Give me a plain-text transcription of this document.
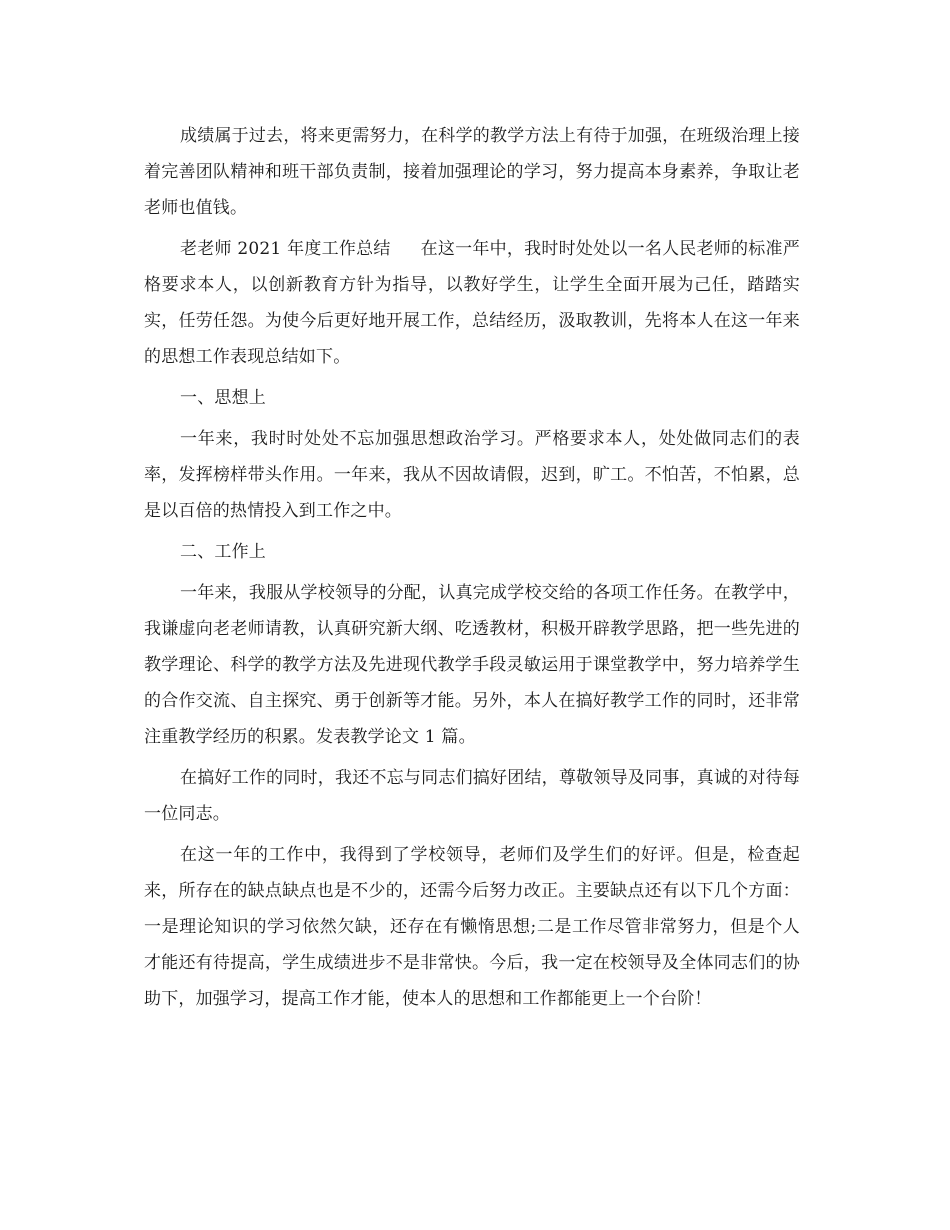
成绩属于过去，将来更需努力，在科学的教学方法上有待于加强，在班级治理上接着完善团队精神和班干部负责制，接着加强理论的学习，努力提高本身素养，争取让老老师也值钱。

老老师 2021 年度工作总结 在这一年中，我时时处处以一名人民老师的标准严格要求本人，以创新教育方针为指导，以教好学生，让学生全面开展为己任，踏踏实实，任劳任怨。为使今后更好地开展工作，总结经历，汲取教训，先将本人在这一年来的思想工作表现总结如下。

一、思想上

一年来，我时时处处不忘加强思想政治学习。严格要求本人，处处做同志们的表率，发挥榜样带头作用。一年来，我从不因故请假，迟到，旷工。不怕苦，不怕累，总是以百倍的热情投入到工作之中。

二、工作上

一年来，我服从学校领导的分配，认真完成学校交给的各项工作任务。在教学中，我谦虚向老老师请教，认真研究新大纲、吃透教材，积极开辟教学思路，把一些先进的教学理论、科学的教学方法及先进现代教学手段灵敏运用于课堂教学中，努力培养学生的合作交流、自主探究、勇于创新等才能。另外，本人在搞好教学工作的同时，还非常注重教学经历的积累。发表教学论文 1 篇。

在搞好工作的同时，我还不忘与同志们搞好团结，尊敬领导及同事，真诚的对待每一位同志。

在这一年的工作中，我得到了学校领导，老师们及学生们的好评。但是，检查起来，所存在的缺点缺点也是不少的，还需今后努力改正。主要缺点还有以下几个方面：一是理论知识的学习依然欠缺，还存在有懒惰思想;二是工作尽管非常努力，但是个人才能还有待提高，学生成绩进步不是非常快。今后，我一定在校领导及全体同志们的协助下，加强学习，提高工作才能，使本人的思想和工作都能更上一个台阶！
